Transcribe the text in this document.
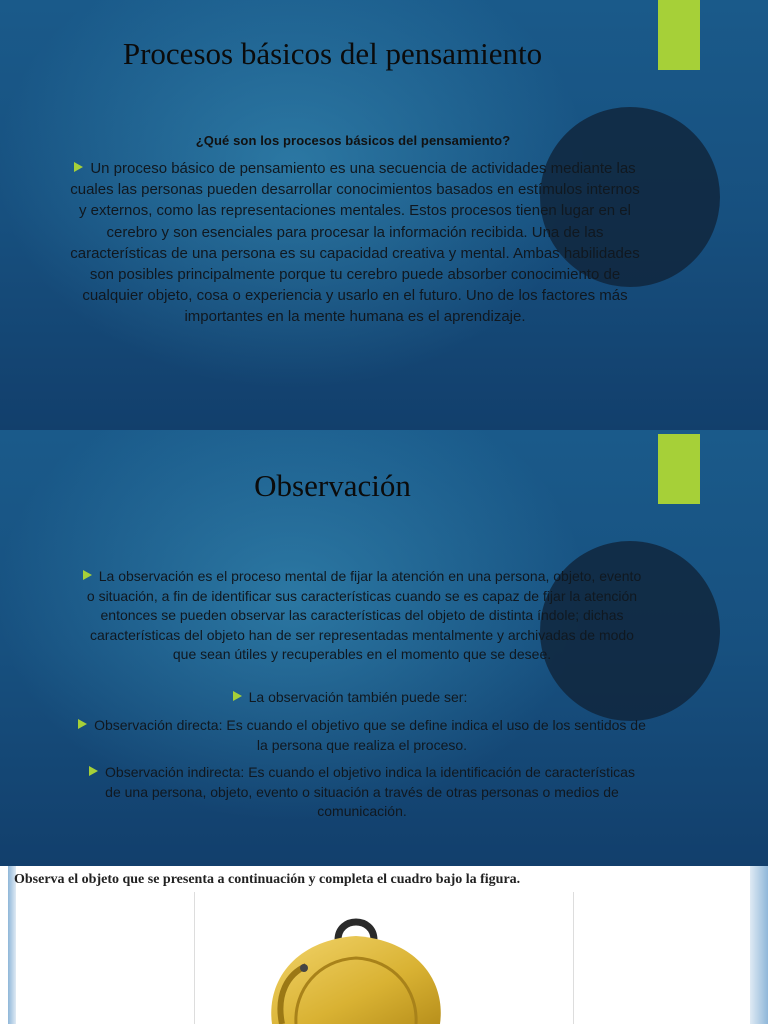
Procesos básicos del pensamiento
¿Qué son los procesos básicos del pensamiento?
Un proceso básico de pensamiento es una secuencia de actividades mediante las cuales las personas pueden desarrollar conocimientos basados en estímulos internos y externos, como las representaciones mentales. Estos procesos tienen lugar en el cerebro y son esenciales para procesar la información recibida. Una de las características de una persona es su capacidad creativa y mental. Ambas habilidades son posibles principalmente porque tu cerebro puede absorber conocimiento de cualquier objeto, cosa o experiencia y usarlo en el futuro. Uno de los factores más importantes en la mente humana es el aprendizaje.
Observación
La observación es el proceso mental de fijar la atención en una persona, objeto, evento o situación, a fin de identificar sus características cuando se es capaz de fijar la atención entonces se pueden observar las características del objeto de distinta índole; dichas características del objeto han de ser representadas mentalmente y archivadas de modo que sean útiles y recuperables en el momento que se desee.
La observación también puede ser:
Observación directa: Es cuando el objetivo que se define indica el uso de los sentidos de la persona que realiza el proceso.
Observación indirecta: Es cuando el objetivo indica la identificación de características de una persona, objeto, evento o situación a través de otras personas o medios de comunicación.
Observa el objeto que se presenta a continuación y completa el cuadro bajo la figura.
